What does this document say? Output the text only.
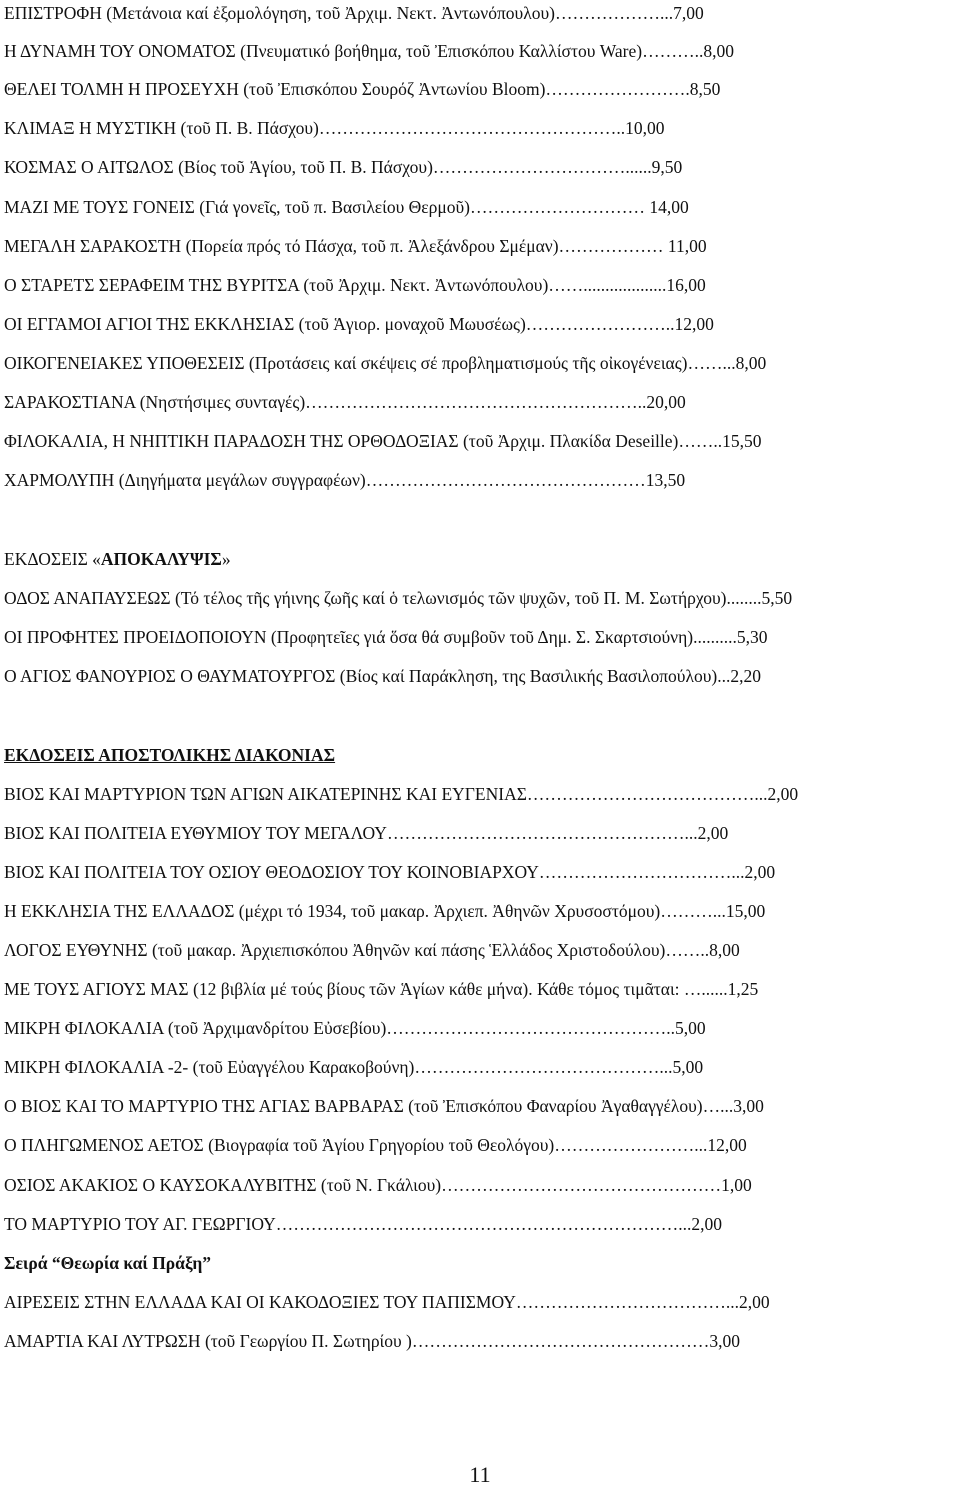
ΕΠΙΣΤΡΟΦΗ (Μετάνοια καί ἐξομολόγηση, τοῦ Ἀρχιμ. Νεκτ. Ἀντωνόπουλου)………………...7,00
Η ΔΥΝΑΜΗ ΤΟΥ ΟΝΟΜΑΤΟΣ (Πνευματικό βοήθημα, τοῦ Ἐπισκόπου Καλλίστου Ware)………..8,00
ΘΕΛΕΙ ΤΟΛΜΗ Η ΠΡΟΣΕΥΧΗ (τοῦ Ἐπισκόπου Σουρόζ Ἀντωνίου Bloom)…………………….8,50
ΚΛΙΜΑΞ Η ΜΥΣΤΙΚΗ (τοῦ Π. Β. Πάσχου)……………………………………………..10,00
ΚΟΣΜΑΣ Ο ΑΙΤΩΛΟΣ (Βίος τοῦ Ἁγίου, τοῦ Π. Β. Πάσχου)……………………………......9,50
ΜΑΖΙ ΜΕ ΤΟΥΣ ΓΟΝΕΙΣ (Γιά γονεῖς, τοῦ π. Βασιλείου Θερμοῦ)………………………… 14,00
ΜΕΓΑΛΗ ΣΑΡΑΚΟΣΤΗ (Πορεία πρός τό Πάσχα, τοῦ π. Ἀλεξάνδρου Σμέμαν)……………… 11,00
Ο ΣΤΑΡΕΤΣ ΣΕΡΑΦΕΙΜ ΤΗΣ ΒΥΡΙΤΣΑ (τοῦ Ἀρχιμ. Νεκτ. Ἀντωνόπουλου)……...................16,00
ΟΙ ΕΓΓΑΜΟΙ ΑΓΙΟΙ ΤΗΣ ΕΚΚΛΗΣΙΑΣ (τοῦ Ἁγιορ. μοναχοῦ Μωυσέως)……………………..12,00
ΟΙΚΟΓΕΝΕΙΑΚΕΣ ΥΠΟΘΕΣΕΙΣ (Προτάσεις καί σκέψεις σέ προβληματισμούς τῆς οἰκογένειας)……...8,00
ΣΑΡΑΚΟΣΤΙΑΝΑ (Νηστήσιμες συνταγές)…………………………………………………..20,00
ΦΙΛΟΚΑΛΙΑ, Η ΝΗΠΤΙΚΗ ΠΑΡΑΔΟΣΗ ΤΗΣ ΟΡΘΟΔΟΞΙΑΣ (τοῦ Ἀρχιμ. Πλακίδα Deseille)……..15,50
ΧΑΡΜΟΛΥΠΗ (Διηγήματα μεγάλων συγγραφέων)…………………………………………13,50
ΕΚΔΟΣΕΙΣ «ΑΠΟΚΑΛΥΨΙΣ»
ΟΔΟΣ ΑΝΑΠΑΥΣΕΩΣ (Τό τέλος τῆς γήινης ζωῆς καί ὁ τελωνισμός τῶν ψυχῶν, τοῦ Π. Μ. Σωτήρχου)........5,50
ΟΙ ΠΡΟΦΗΤΕΣ ΠΡΟΕΙΔΟΠΟΙΟΥΝ (Προφητεῖες γιά ὅσα θά συμβοῦν τοῦ Δημ. Σ. Σκαρτσιούνη)..........5,30
Ο ΑΓΙΟΣ ΦΑΝΟΥΡΙΟΣ Ο ΘΑΥΜΑΤΟΥΡΓΟΣ (Βίος καί Παράκληση, της Βασιλικής Βασιλοπούλου)...2,20
ΕΚΔΟΣΕΙΣ ΑΠΟΣΤΟΛΙΚΗΣ ΔΙΑΚΟΝΙΑΣ
ΒΙΟΣ ΚΑΙ ΜΑΡΤΥΡΙΟΝ ΤΩΝ ΑΓΙΩΝ ΑΙΚΑΤΕΡΙΝΗΣ ΚΑΙ ΕΥΓΕΝΙΑΣ…………………………………...2,00
ΒΙΟΣ ΚΑΙ ΠΟΛΙΤΕΙΑ ΕΥΘΥΜΙΟΥ ΤΟΥ ΜΕΓΑΛΟΥ……………………………………………...2,00
ΒΙΟΣ ΚΑΙ ΠΟΛΙΤΕΙΑ ΤΟΥ ΟΣΙΟΥ ΘΕΟΔΟΣΙΟΥ ΤΟΥ ΚΟΙΝΟΒΙΑΡΧΟΥ……………………………...2,00
Η ΕΚΚΛΗΣΙΑ ΤΗΣ ΕΛΛΑΔΟΣ (μέχρι τό 1934, τοῦ μακαρ. Ἀρχιεπ. Ἀθηνῶν Χρυσοστόμου)………...15,00
ΛΟΓΟΣ ΕΥΘΥΝΗΣ (τοῦ μακαρ. Ἀρχιεπισκόπου Ἀθηνῶν καί πάσης Ἑλλάδος Χριστοδούλου)……..8,00
ΜΕ ΤΟΥΣ ΑΓΙΟΥΣ ΜΑΣ (12 βιβλία μέ τούς βίους τῶν Ἁγίων κάθε μήνα). Κάθε τόμος τιμᾶται: …......1,25
ΜΙΚΡΗ ΦΙΛΟΚΑΛΙΑ (τοῦ Ἀρχιμανδρίτου Εὐσεβίου)…………………………………………..5,00
ΜΙΚΡΗ ΦΙΛΟΚΑΛΙΑ -2- (τοῦ Εὐαγγέλου Καρακοβούνη)……………………………………...5,00
Ο ΒΙΟΣ ΚΑΙ ΤΟ ΜΑΡΤΥΡΙΟ ΤΗΣ ΑΓΙΑΣ ΒΑΡΒΑΡΑΣ (τοῦ Ἐπισκόπου Φαναρίου Ἀγαθαγγέλου)…...3,00
Ο ΠΛΗΓΩΜΕΝΟΣ ΑΕΤΟΣ (Βιογραφία τοῦ Ἁγίου Γρηγορίου τοῦ Θεολόγου)……………………...12,00
ΟΣΙΟΣ ΑΚΑΚΙΟΣ Ο ΚΑΥΣΟΚΑΛΥΒΙΤΗΣ (τοῦ Ν. Γκάλιου)…………………………………………1,00
ΤΟ ΜΑΡΤΥΡΙΟ ΤΟΥ ΑΓ. ΓΕΩΡΓΙΟΥ……………………………………………………………...2,00
Σειρά “Θεωρία καί Πράξη”
ΑΙΡΕΣΕΙΣ ΣΤΗΝ ΕΛΛΑΔΑ ΚΑΙ ΟΙ ΚΑΚΟΔΟΞΙΕΣ ΤΟΥ ΠΑΠΙΣΜΟΥ………………………………...2,00
ΑΜΑΡΤΙΑ ΚΑΙ ΛΥΤΡΩΣΗ (τοῦ Γεωργίου Π. Σωτηρίου )……………………………………………3,00
11
